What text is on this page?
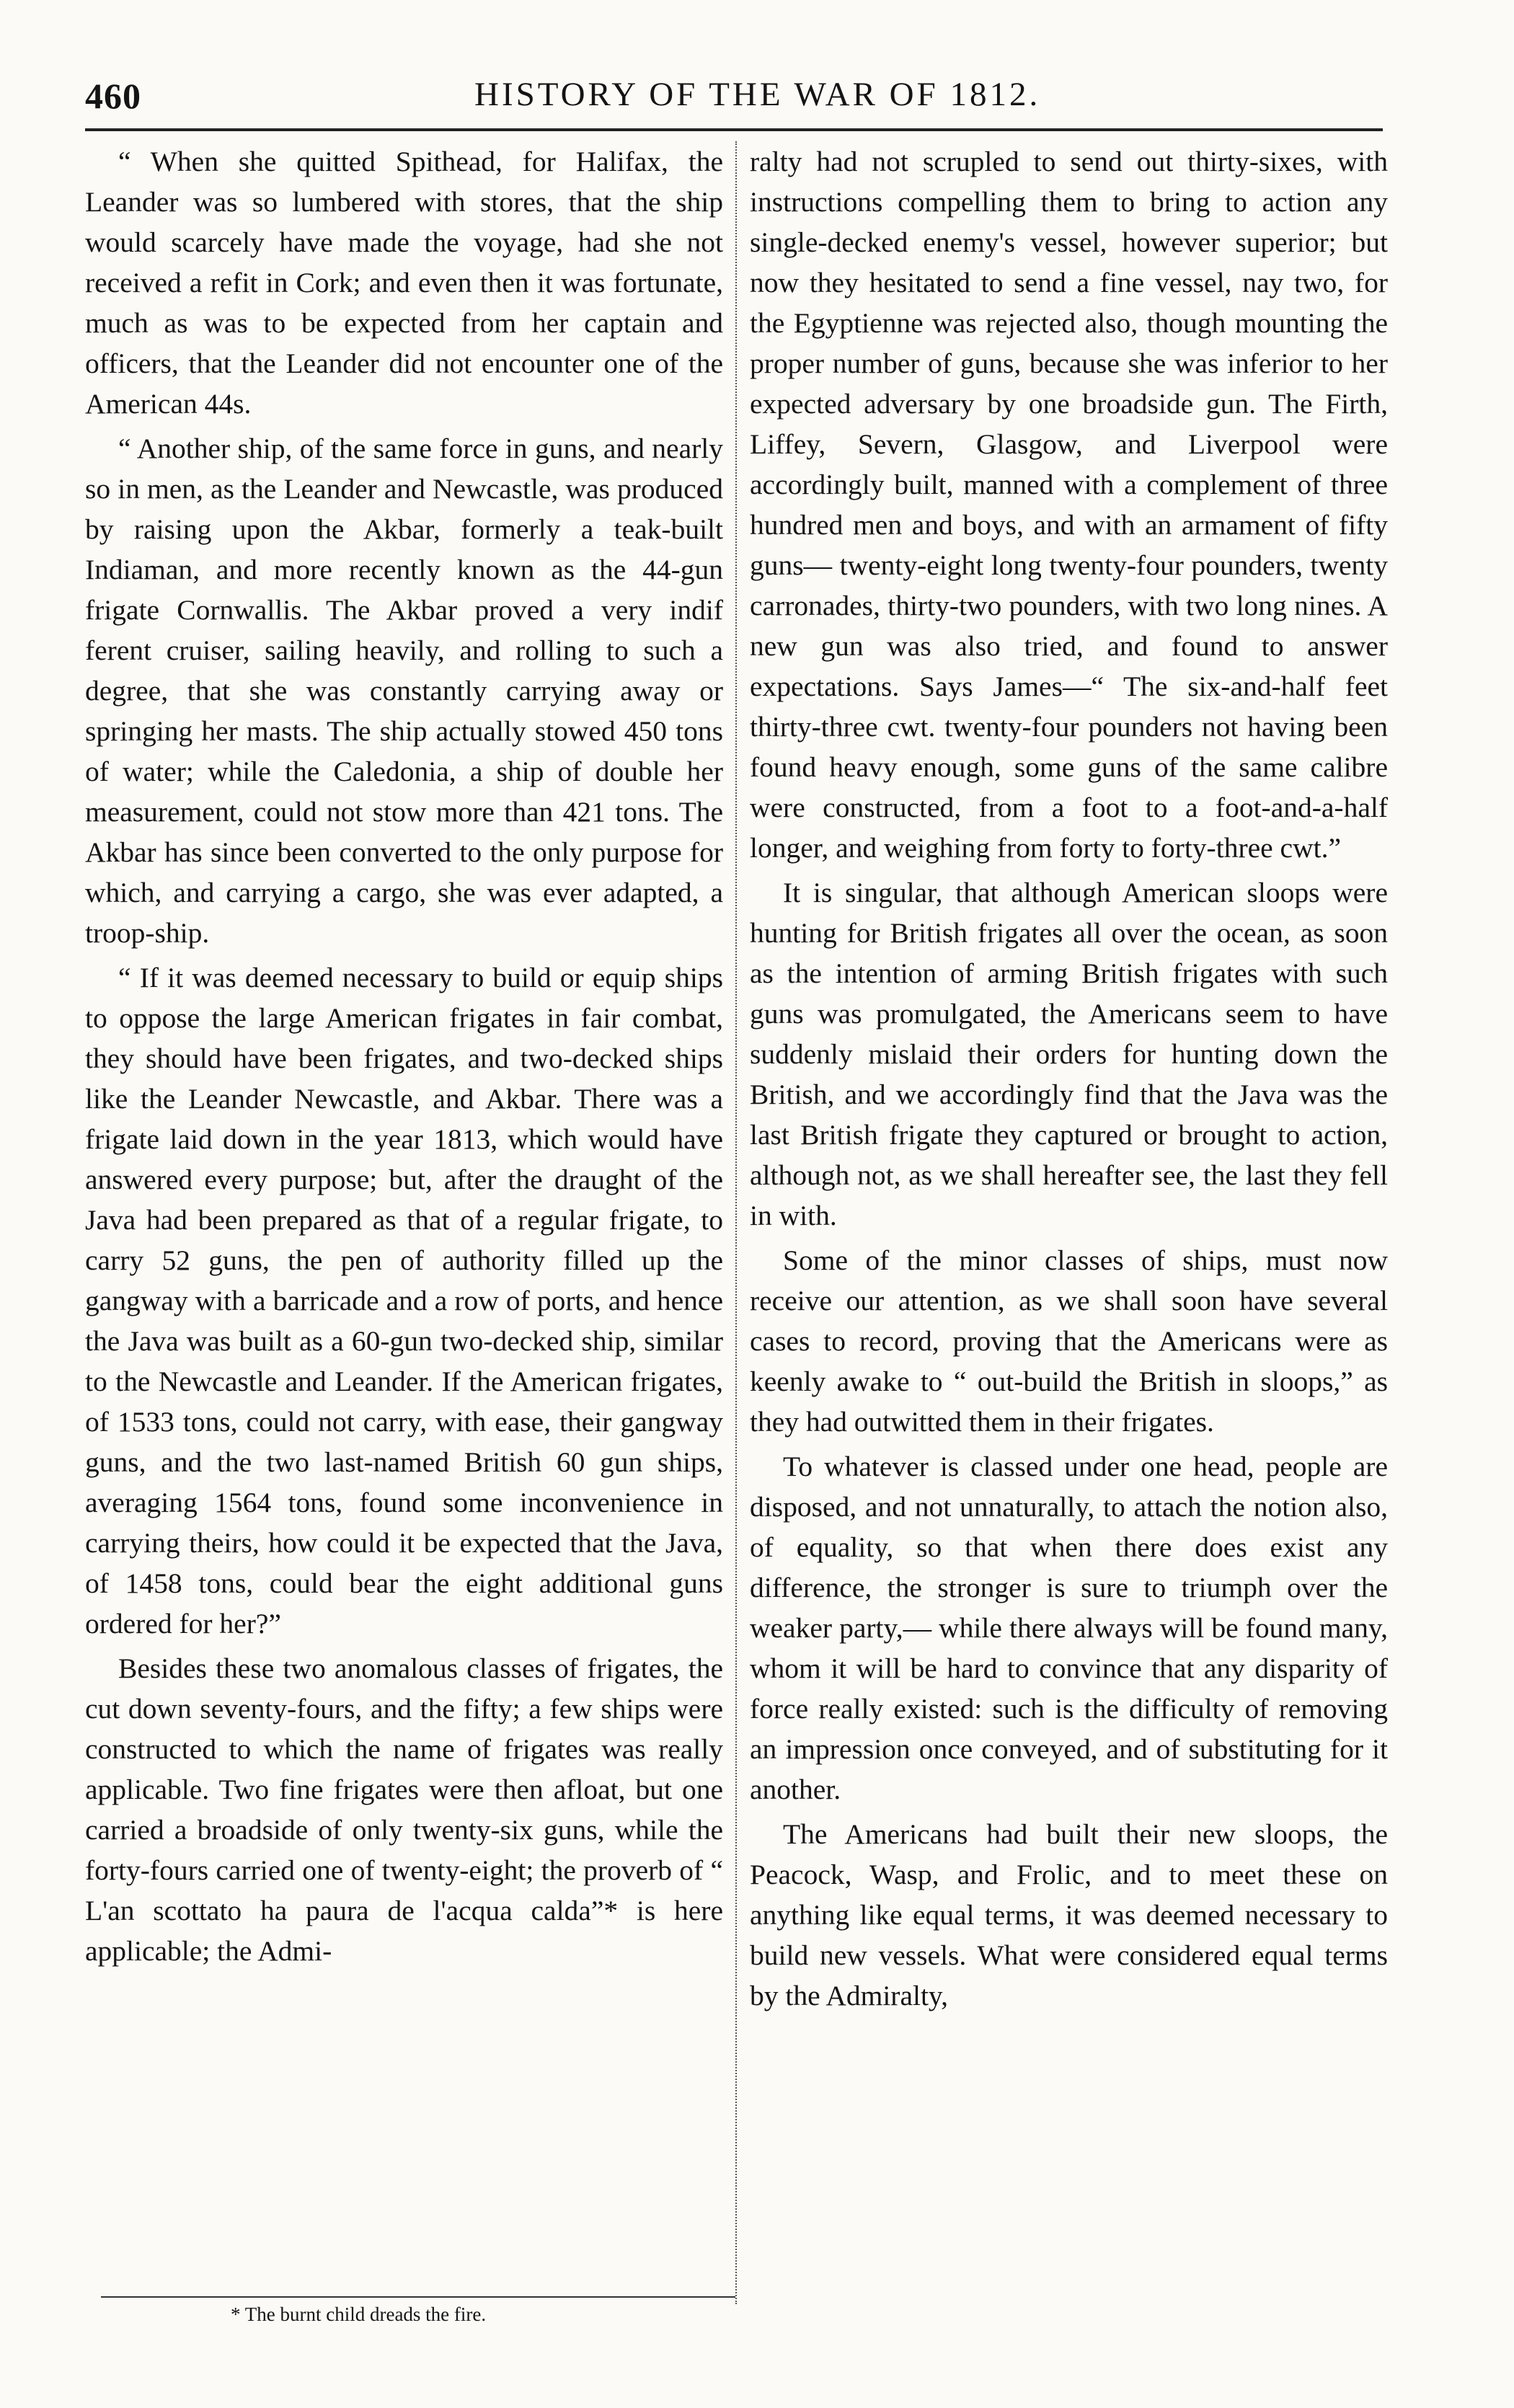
460	HISTORY OF THE WAR OF 1812.

“ When she quitted Spithead, for Halifax, the Leander was so lumbered with stores, that the ship would scarcely have made the voyage, had she not received a refit in Cork; and even then it was fortunate, much as was to be expected from her captain and officers, that the Leander did not encounter one of the American 44s.

“ Another ship, of the same force in guns, and nearly so in men, as the Leander and Newcastle, was produced by raising upon the Akbar, formerly a teak-built Indiaman, and more recently known as the 44-gun frigate Cornwallis. The Akbar proved a very indif ferent cruiser, sailing heavily, and rolling to such a degree, that she was constantly carrying away or springing her masts. The ship actually stowed 450 tons of water; while the Caledonia, a ship of double her measurement, could not stow more than 421 tons. The Akbar has since been converted to the only purpose for which, and carrying a cargo, she was ever adapted, a troop-ship.

“ If it was deemed necessary to build or equip ships to oppose the large American frigates in fair combat, they should have been frigates, and two-decked ships like the Leander Newcastle, and Akbar. There was a frigate laid down in the year 1813, which would have answered every purpose; but, after the draught of the Java had been prepared as that of a regular frigate, to carry 52 guns, the pen of authority filled up the gangway with a barricade and a row of ports, and hence the Java was built as a 60-gun two-decked ship, similar to the Newcastle and Leander. If the American frigates, of 1533 tons, could not carry, with ease, their gangway guns, and the two last-named British 60 gun ships, averaging 1564 tons, found some inconvenience in carrying theirs, how could it be expected that the Java, of 1458 tons, could bear the eight additional guns ordered for her?”

Besides these two anomalous classes of frigates, the cut down seventy-fours, and the fifty; a few ships were constructed to which the name of frigates was really applicable. Two fine frigates were then afloat, but one carried a broadside of only twenty-six guns, while the forty-fours carried one of twenty-eight; the proverb of “ L'an scottato ha paura de l'acqua calda”* is here applicable; the Admi-

ralty had not scrupled to send out thirty-sixes, with instructions compelling them to bring to action any single-decked enemy's vessel, however superior; but now they hesitated to send a fine vessel, nay two, for the Egyptienne was rejected also, though mounting the proper number of guns, because she was inferior to her expected adversary by one broadside gun. The Firth, Liffey, Severn, Glasgow, and Liverpool were accordingly built, manned with a complement of three hundred men and boys, and with an armament of fifty guns— twenty-eight long twenty-four pounders, twenty carronades, thirty-two pounders, with two long nines. A new gun was also tried, and found to answer expectations. Says James—“ The six-and-half feet thirty-three cwt. twenty-four pounders not having been found heavy enough, some guns of the same calibre were constructed, from a foot to a foot-and-a-half longer, and weighing from forty to forty-three cwt.”

It is singular, that although American sloops were hunting for British frigates all over the ocean, as soon as the intention of arming British frigates with such guns was promulgated, the Americans seem to have suddenly mislaid their orders for hunting down the British, and we accordingly find that the Java was the last British frigate they captured or brought to action, although not, as we shall hereafter see, the last they fell in with.

Some of the minor classes of ships, must now receive our attention, as we shall soon have several cases to record, proving that the Americans were as keenly awake to “ out-build the British in sloops,” as they had outwitted them in their frigates.

To whatever is classed under one head, people are disposed, and not unnaturally, to attach the notion also, of equality, so that when there does exist any difference, the stronger is sure to triumph over the weaker party,— while there always will be found many, whom it will be hard to convince that any disparity of force really existed: such is the difficulty of removing an impression once conveyed, and of substituting for it another.

The Americans had built their new sloops, the Peacock, Wasp, and Frolic, and to meet these on anything like equal terms, it was deemed necessary to build new vessels. What were considered equal terms by the Admiralty,

* The burnt child dreads the fire.
